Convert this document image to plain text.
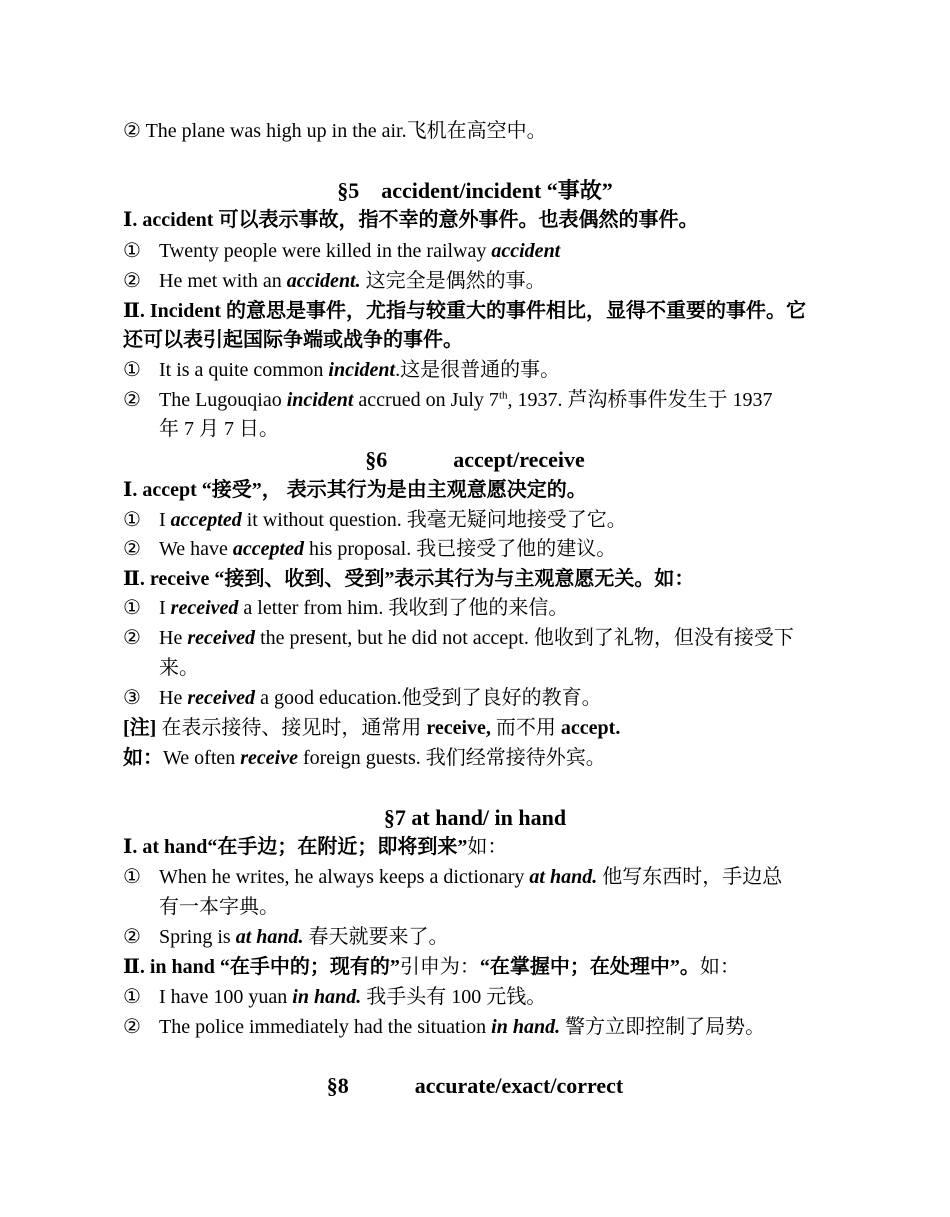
② The plane was high up in the air.飞机在高空中。
§5　accident/incident “事故”
Ⅰ. accident 可以表示事故，指不幸的意外事件。也表偶然的事件。
① Twenty people were killed in the railway accident
② He met with an accident. 这完全是偶然的事。
Ⅱ. Incident 的意思是事件，尤指与较重大的事件相比，显得不重要的事件。它
还可以表引起国际争端或战争的事件。
① It is a quite common incident.这是很普通的事。
② The Lugouqiao incident accrued on July 7th, 1937. 芦沟桥事件发生于 1937
年 7 月 7 日。
§6　　　accept/receive
Ⅰ. accept “接受”， 表示其行为是由主观意愿决定的。
① I accepted it without question. 我毫无疑问地接受了它。
② We have accepted his proposal. 我已接受了他的建议。
Ⅱ. receive “接到、收到、受到”表示其行为与主观意愿无关。如：
① I received a letter from him. 我收到了他的来信。
② He received the present, but he did not accept. 他收到了礼物，但没有接受下
来。
③ He received a good education.他受到了良好的教育。
[注] 在表示接待、接见时，通常用 receive, 而不用 accept.
如：We often receive foreign guests. 我们经常接待外宾。
§7 at hand/ in hand
Ⅰ. at hand“在手边；在附近；即将到来”如：
① When he writes, he always keeps a dictionary at hand. 他写东西时，手边总
有一本字典。
② Spring is at hand. 春天就要来了。
Ⅱ. in hand “在手中的；现有的”引申为：“在掌握中；在处理中”。如：
① I have 100 yuan in hand. 我手头有 100 元钱。
② The police immediately had the situation in hand. 警方立即控制了局势。
§8　　　accurate/exact/correct
